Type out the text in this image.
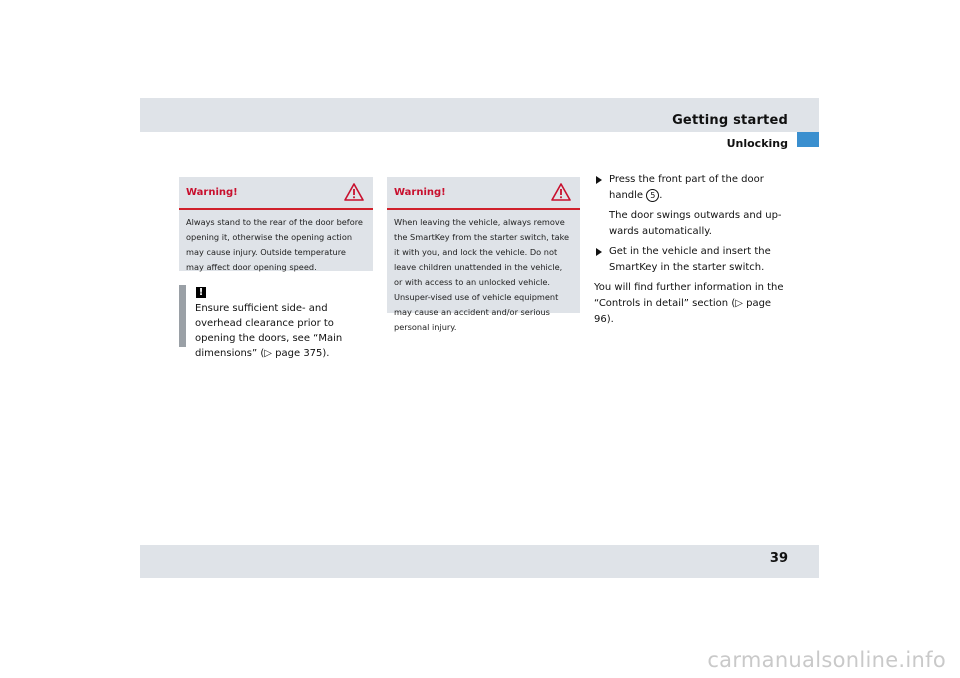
Getting started
Unlocking
Warning!
Always stand to the rear of the door before opening it, otherwise the opening action may cause injury. Outside temperature may affect door opening speed.
!
Ensure sufficient side- and overhead clearance prior to opening the doors, see “Main dimensions” (▷ page 375).
Warning!
When leaving the vehicle, always remove the SmartKey from the starter switch, take it with you, and lock the vehicle. Do not leave children unattended in the vehicle, or with access to an unlocked vehicle. Unsuper-vised use of vehicle equipment may cause an accident and/or serious personal injury.
Press the front part of the door handle 5 .
The door swings outwards and up-wards automatically.
Get in the vehicle and insert the SmartKey in the starter switch.
You will find further information in the “Controls in detail” section (▷ page 96).
39
carmanualsonline.info
